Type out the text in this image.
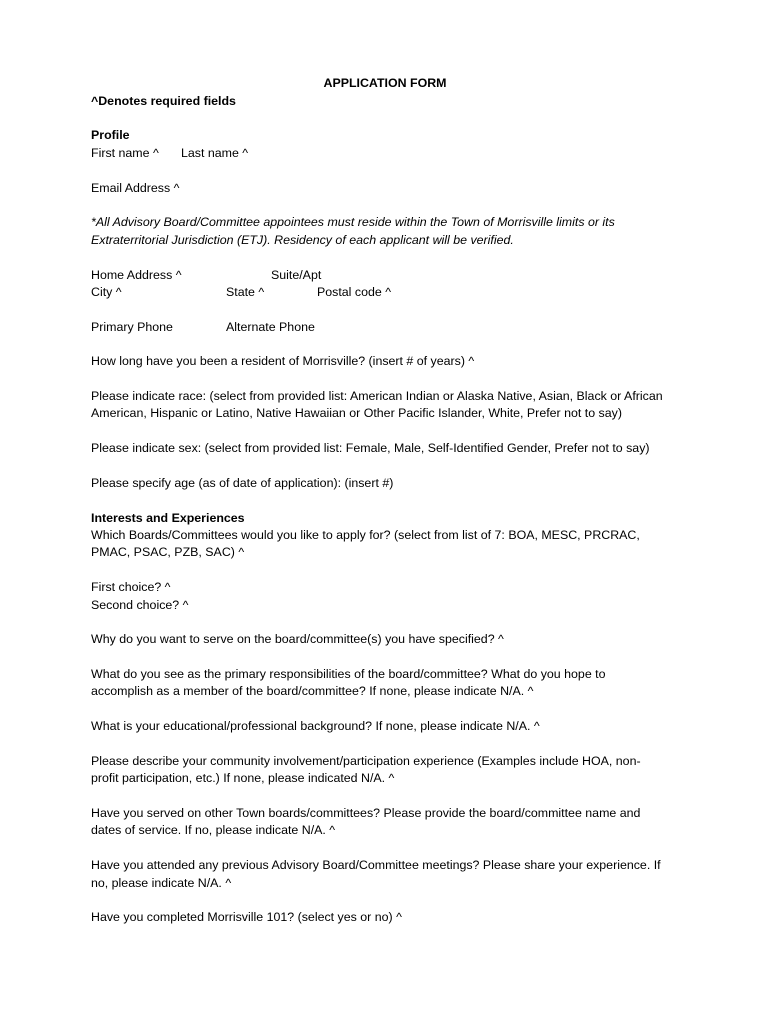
APPLICATION FORM
^Denotes required fields
Profile
First name ^ Last name ^
Email Address ^
*All Advisory Board/Committee appointees must reside within the Town of Morrisville limits or its
Extraterritorial Jurisdiction (ETJ). Residency of each applicant will be verified.
Home Address ^	Suite/Apt
City ^	State ^	Postal code ^
Primary Phone	Alternate Phone
How long have you been a resident of Morrisville? (insert # of years) ^
Please indicate race: (select from provided list: American Indian or Alaska Native, Asian, Black or African
American, Hispanic or Latino, Native Hawaiian or Other Pacific Islander, White, Prefer not to say)
Please indicate sex: (select from provided list: Female, Male, Self-Identified Gender, Prefer not to say)
Please specify age (as of date of application): (insert #)
Interests and Experiences
Which Boards/Committees would you like to apply for? (select from list of 7: BOA, MESC, PRCRAC,
PMAC, PSAC, PZB, SAC) ^
First choice? ^
Second choice? ^
Why do you want to serve on the board/committee(s) you have specified? ^
What do you see as the primary responsibilities of the board/committee? What do you hope to
accomplish as a member of the board/committee? If none, please indicate N/A. ^
What is your educational/professional background? If none, please indicate N/A. ^
Please describe your community involvement/participation experience (Examples include HOA, non-
profit participation, etc.) If none, please indicated N/A. ^
Have you served on other Town boards/committees? Please provide the board/committee name and
dates of service. If no, please indicate N/A. ^
Have you attended any previous Advisory Board/Committee meetings? Please share your experience. If
no, please indicate N/A. ^
Have you completed Morrisville 101? (select yes or no) ^
